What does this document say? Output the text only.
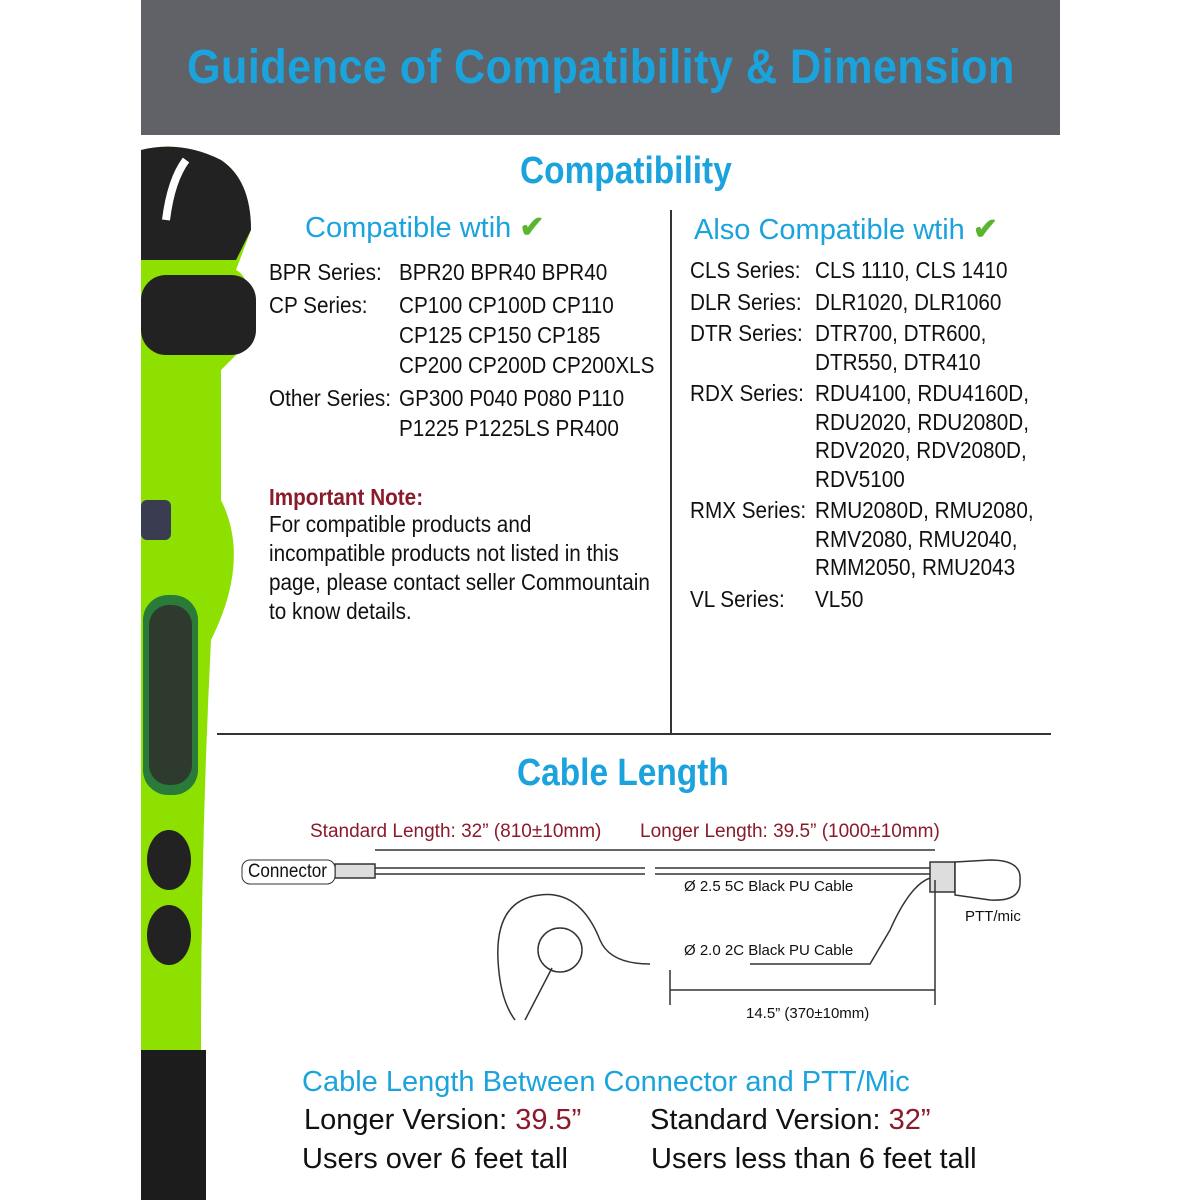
Guidence of Compatibility & Dimension
Compatibility
Compatible wtih ✔	Also Compatible wtih ✔
BPR Series: BPR20 BPR40 BPR40
CP Series: CP100 CP100D CP110
CP125 CP150 CP185
CP200 CP200D CP200XLS
Other Series: GP300 P040 P080 P110
P1225 P1225LS PR400
CLS Series: CLS 1110, CLS 1410
DLR Series: DLR1020, DLR1060
DTR Series: DTR700, DTR600,
DTR550, DTR410
RDX Series: RDU4100, RDU4160D,
RDU2020, RDU2080D,
RDV2020, RDV2080D,
RDV5100
RMX Series: RMU2080D, RMU2080,
RMV2080, RMU2040,
RMM2050, RMU2043
VL Series: VL50
Important Note:
For compatible products and
incompatible products not listed in this
page, please contact seller Commountain
to know details.
Cable Length
Standard Length: 32” (810±10mm) Longer Length: 39.5” (1000±10mm)
Connector
Ø 2.5 5C Black PU Cable
Ø 2.0 2C Black PU Cable
PTT/mic
14.5” (370±10mm)
Cable Length Between Connector and PTT/Mic
Longer Version: 39.5” Standard Version: 32”
Users over 6 feet tall	Users less than 6 feet tall
